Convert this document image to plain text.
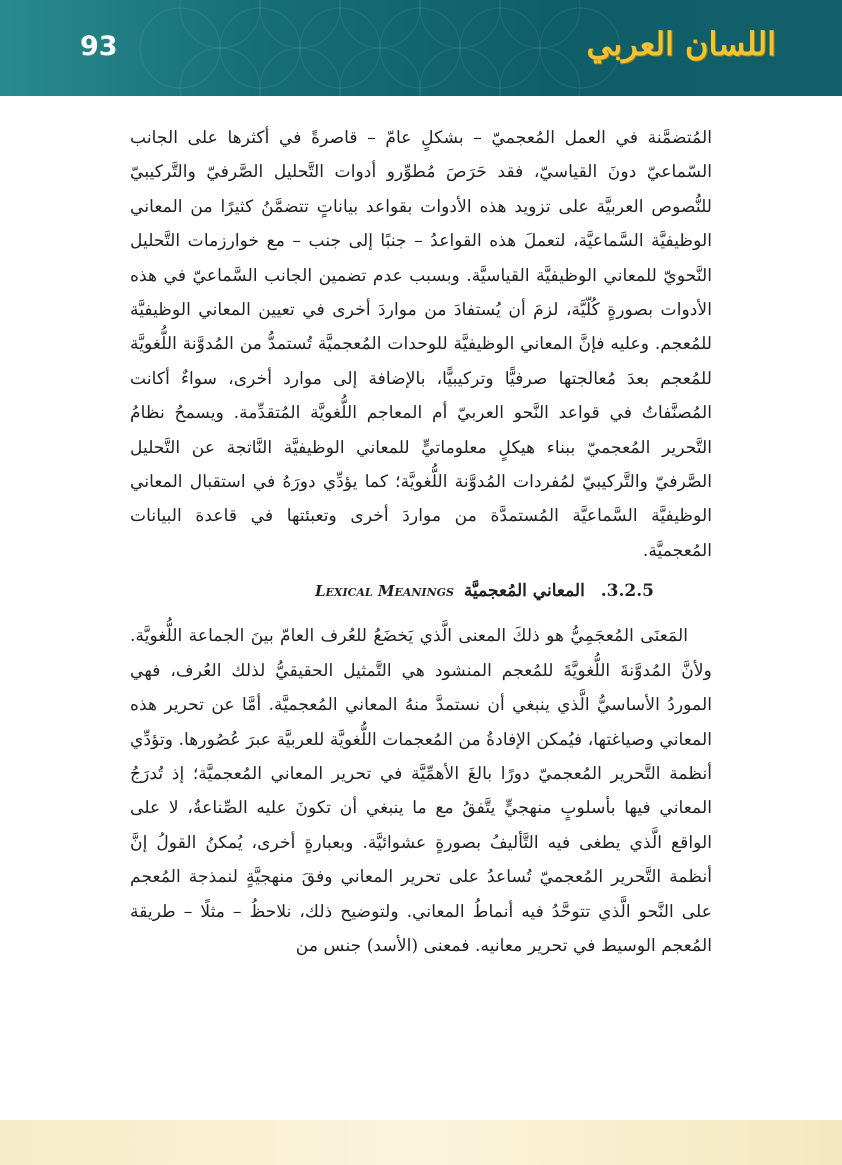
93	اللسان العربي

المُتضمَّنة في العمل المُعجميّ – بشكلٍ عامّ – قاصرةً في أكثرها على الجانب السّماعيّ دونَ القياسيّ، فقد حَرَصَ مُطوِّرو أدوات التَّحليل الصَّرفيّ والتَّركيبيّ للنُّصوص العربيَّة على تزويد هذه الأدوات بقواعد بياناتٍ تتضمَّنُ كثيرًا من المعاني الوظيفيَّة السَّماعيَّة، لتعملَ هذه القواعدُ – جنبًا إلى جنب – مع خوارزمات التَّحليل النَّحويّ للمعاني الوظيفيَّة القياسيَّة. وبسبب عدم تضمين الجانب السَّماعيّ في هذه الأدوات بصورةٍ كُلّيَّة، لزمَ أن يُستفادَ من مواردَ أخرى في تعيين المعاني الوظيفيَّة للمُعجم. وعليه فإنَّ المعاني الوظيفيَّة للوحدات المُعجميَّة تُستمدُّ من المُدوَّنة اللُّغويَّة للمُعجم بعدَ مُعالجتها صرفيًّا وتركيبيًّا، بالإضافة إلى موارد أخرى، سواءٌ أكانت المُصنَّفاتُ في قواعد النَّحو العربيّ أم المعاجم اللُّغويَّة المُتقدِّمة. ويسمحُ نظامُ التَّحرير المُعجميّ ببناء هيكلٍ معلوماتيٍّ للمعاني الوظيفيَّة النَّاتجة عن التَّحليل الصَّرفيّ والتَّركيبيّ لمُفردات المُدوَّنة اللُّغويَّة؛ كما يؤدِّي دورَهُ في استقبال المعاني الوظيفيَّة السَّماعيَّة المُستمدَّة من مواردَ أخرى وتعبئتها في قاعدة البيانات المُعجميَّة.

3.2.5. المعاني المُعجميَّة Lexical Meanings

المَعنَى المُعجَمِيُّ هو ذلكَ المعنى الَّذي يَخضَعُ للعُرف العامّ بينَ الجماعة اللُّغويَّة. ولأنَّ المُدوَّنةَ اللُّغويَّةَ للمُعجم المنشود هي التَّمثيل الحقيقيُّ لذلك العُرف، فهي الموردُ الأساسيُّ الَّذي ينبغي أن نستمدَّ منهُ المعاني المُعجميَّة. أمَّا عن تحرير هذه المعاني وصياغتها، فيُمكن الإفادةُ من المُعجمات اللُّغويَّة للعربيَّة عبرَ عُصُورها. وتؤدِّي أنظمة التَّحرير المُعجميّ دورًا بالغَ الأهمِّيَّة في تحرير المعاني المُعجميَّة؛ إذ تُدرَجُ المعاني فيها بأسلوبٍ منهجيٍّ يتَّفقُ مع ما ينبغي أن تكونَ عليه الصِّناعةُ، لا على الواقع الَّذي يطغى فيه التَّأليفُ بصورةٍ عشوائيَّة. وبعبارةٍ أخرى، يُمكنُ القولُ إنَّ أنظمة التَّحرير المُعجميّ تُساعدُ على تحرير المعاني وفقَ منهجيَّةٍ لنمذجة المُعجم على النَّحو الَّذي تتوحَّدُ فيه أنماطُ المعاني. ولتوضيح ذلك، نلاحظُ – مثلًا – طريقة المُعجم الوسيط في تحرير معانيه. فمعنى (الأسد) جنس من
